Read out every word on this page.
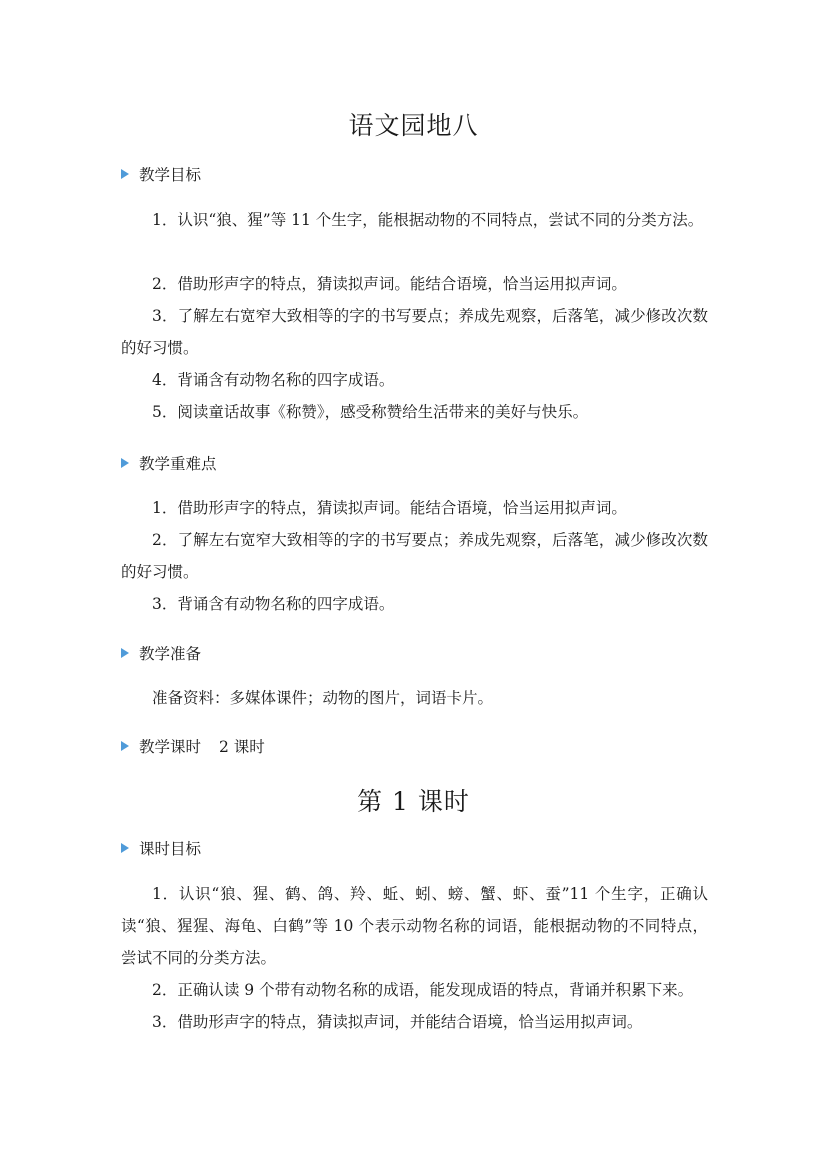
语文园地八
教学目标

1．认识“狼、猩”等 11 个生字，能根据动物的不同特点，尝试不同的分类方法。

2．借助形声字的特点，猜读拟声词。能结合语境，恰当运用拟声词。

3．了解左右宽窄大致相等的字的书写要点；养成先观察，后落笔，减少修改次数的好习惯。

4．背诵含有动物名称的四字成语。

5．阅读童话故事《称赞》，感受称赞给生活带来的美好与快乐。

教学重难点

1．借助形声字的特点，猜读拟声词。能结合语境，恰当运用拟声词。

2．了解左右宽窄大致相等的字的书写要点；养成先观察，后落笔，减少修改次数的好习惯。

3．背诵含有动物名称的四字成语。

教学准备

准备资料：多媒体课件；动物的图片，词语卡片。

教学课时 2 课时
第 1 课时
课时目标

1．认识“狼、猩、鹤、鸽、羚、蚯、蚓、螃、蟹、虾、蚕”11 个生字，正确认读“狼、猩猩、海龟、白鹤”等 10 个表示动物名称的词语，能根据动物的不同特点，尝试不同的分类方法。

2．正确认读 9 个带有动物名称的成语，能发现成语的特点，背诵并积累下来。

3．借助形声字的特点，猜读拟声词，并能结合语境，恰当运用拟声词。
